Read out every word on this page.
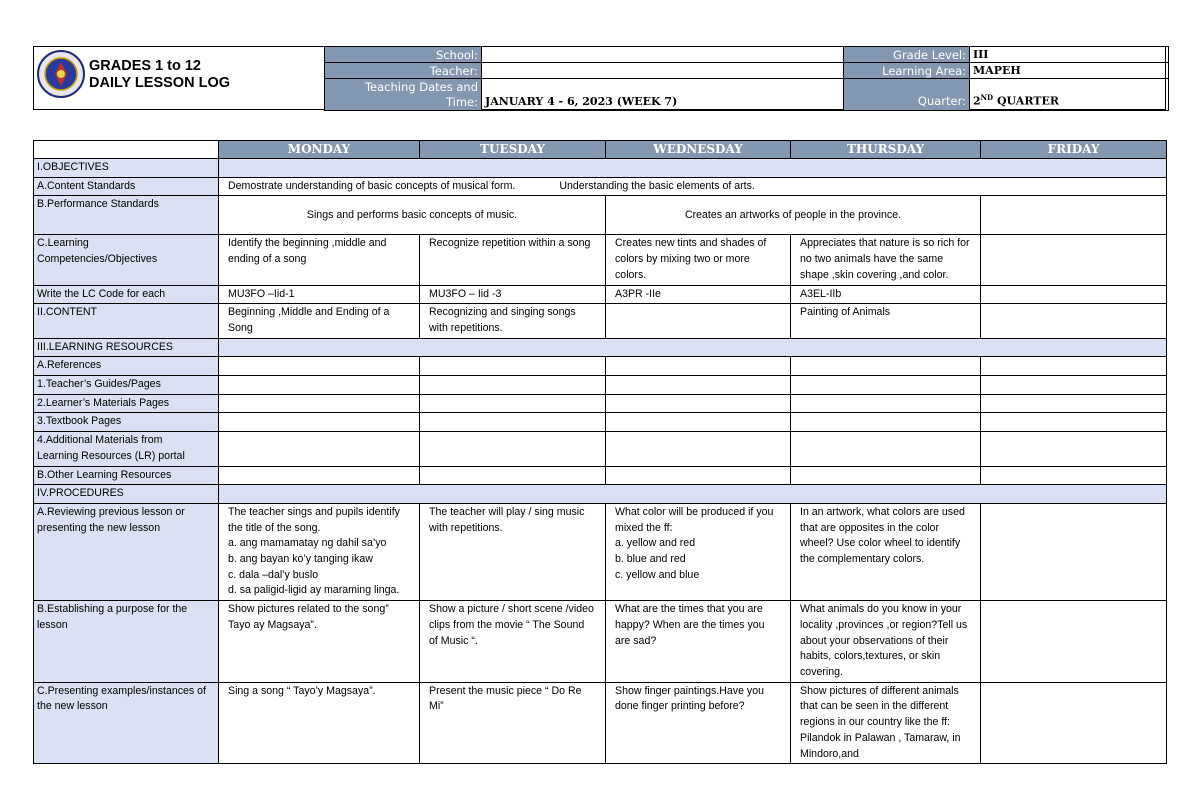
GRADES 1 to 12
DAILY LESSON LOG
School:		Grade Level:	III
Teacher:		Learning Area:	MAPEH

Teaching Dates and
Time:	JANUARY 4 - 6, 2023 (WEEK 7)	Quarter:	2ND QUARTER
	MONDAY	TUESDAY	WEDNESDAY	THURSDAY	FRIDAY
I.OBJECTIVES					
A.Content Standards	Demostrate understanding of basic concepts of musical form. Understanding the basic elements of arts.				
B.Performance Standards	Sings and performs basic concepts of music.		Creates an artworks of people in the province.		

C.Learning
Competencies/Objectives	Identify the beginning ,middle and ending of a song	Recognize repetition within a song	Creates new tints and shades of colors by mixing two or more colors.	Appreciates that nature is so rich for no two animals have the same shape ,skin covering ,and color.	
Write the LC Code for each	MU3FO –Iid-1	MU3FO – Iid -3	A3PR -IIe	A3EL-IIb	
II.CONTENT	Beginning ,Middle and Ending of a Song	Recognizing and singing songs with repetitions.		Painting of Animals	
III.LEARNING RESOURCES					
A.References					
1.Teacher’s Guides/Pages					
2.Learner’s Materials Pages					
3.Textbook Pages					

4.Additional Materials from
Learning Resources (LR) portal					

B.Other Learning Resources					
IV.PROCEDURES					
A.Reviewing previous lesson or presenting the new lesson	The teacher sings and pupils identify the title of the song.
a. ang mamamatay ng dahil sa’yo
b. ang bayan ko’y tanging ikaw
c. dala –dal’y buslo
d. sa paligid-ligid ay maraming linga.	The teacher will play / sing music with repetitions.	What color will be produced if you mixed the ff:
a. yellow and red
b. blue and red
c. yellow and blue	In an artwork, what colors are used that are opposites in the color wheel? Use color wheel to identify the complementary colors.	
B.Establishing a purpose for the lesson	Show pictures related to the song” Tayo ay Magsaya”.	Show a picture / short scene /video clips from the movie “ The Sound of Music “.	What are the times that you are happy? When are the times you are sad?	What animals do you know in your locality ,provinces ,or region?Tell us about your observations of their habits, colors,textures, or skin covering.	
C.Presenting examples/instances of the new lesson	Sing a song “ Tayo’y Magsaya”.	Present the music piece “ Do Re Mi”	Show finger paintings.Have you done finger printing before?	Show pictures of different animals that can be seen in the different regions in our country like the ff: Pilandok in Palawan , Tamaraw, in Mindoro,and	
